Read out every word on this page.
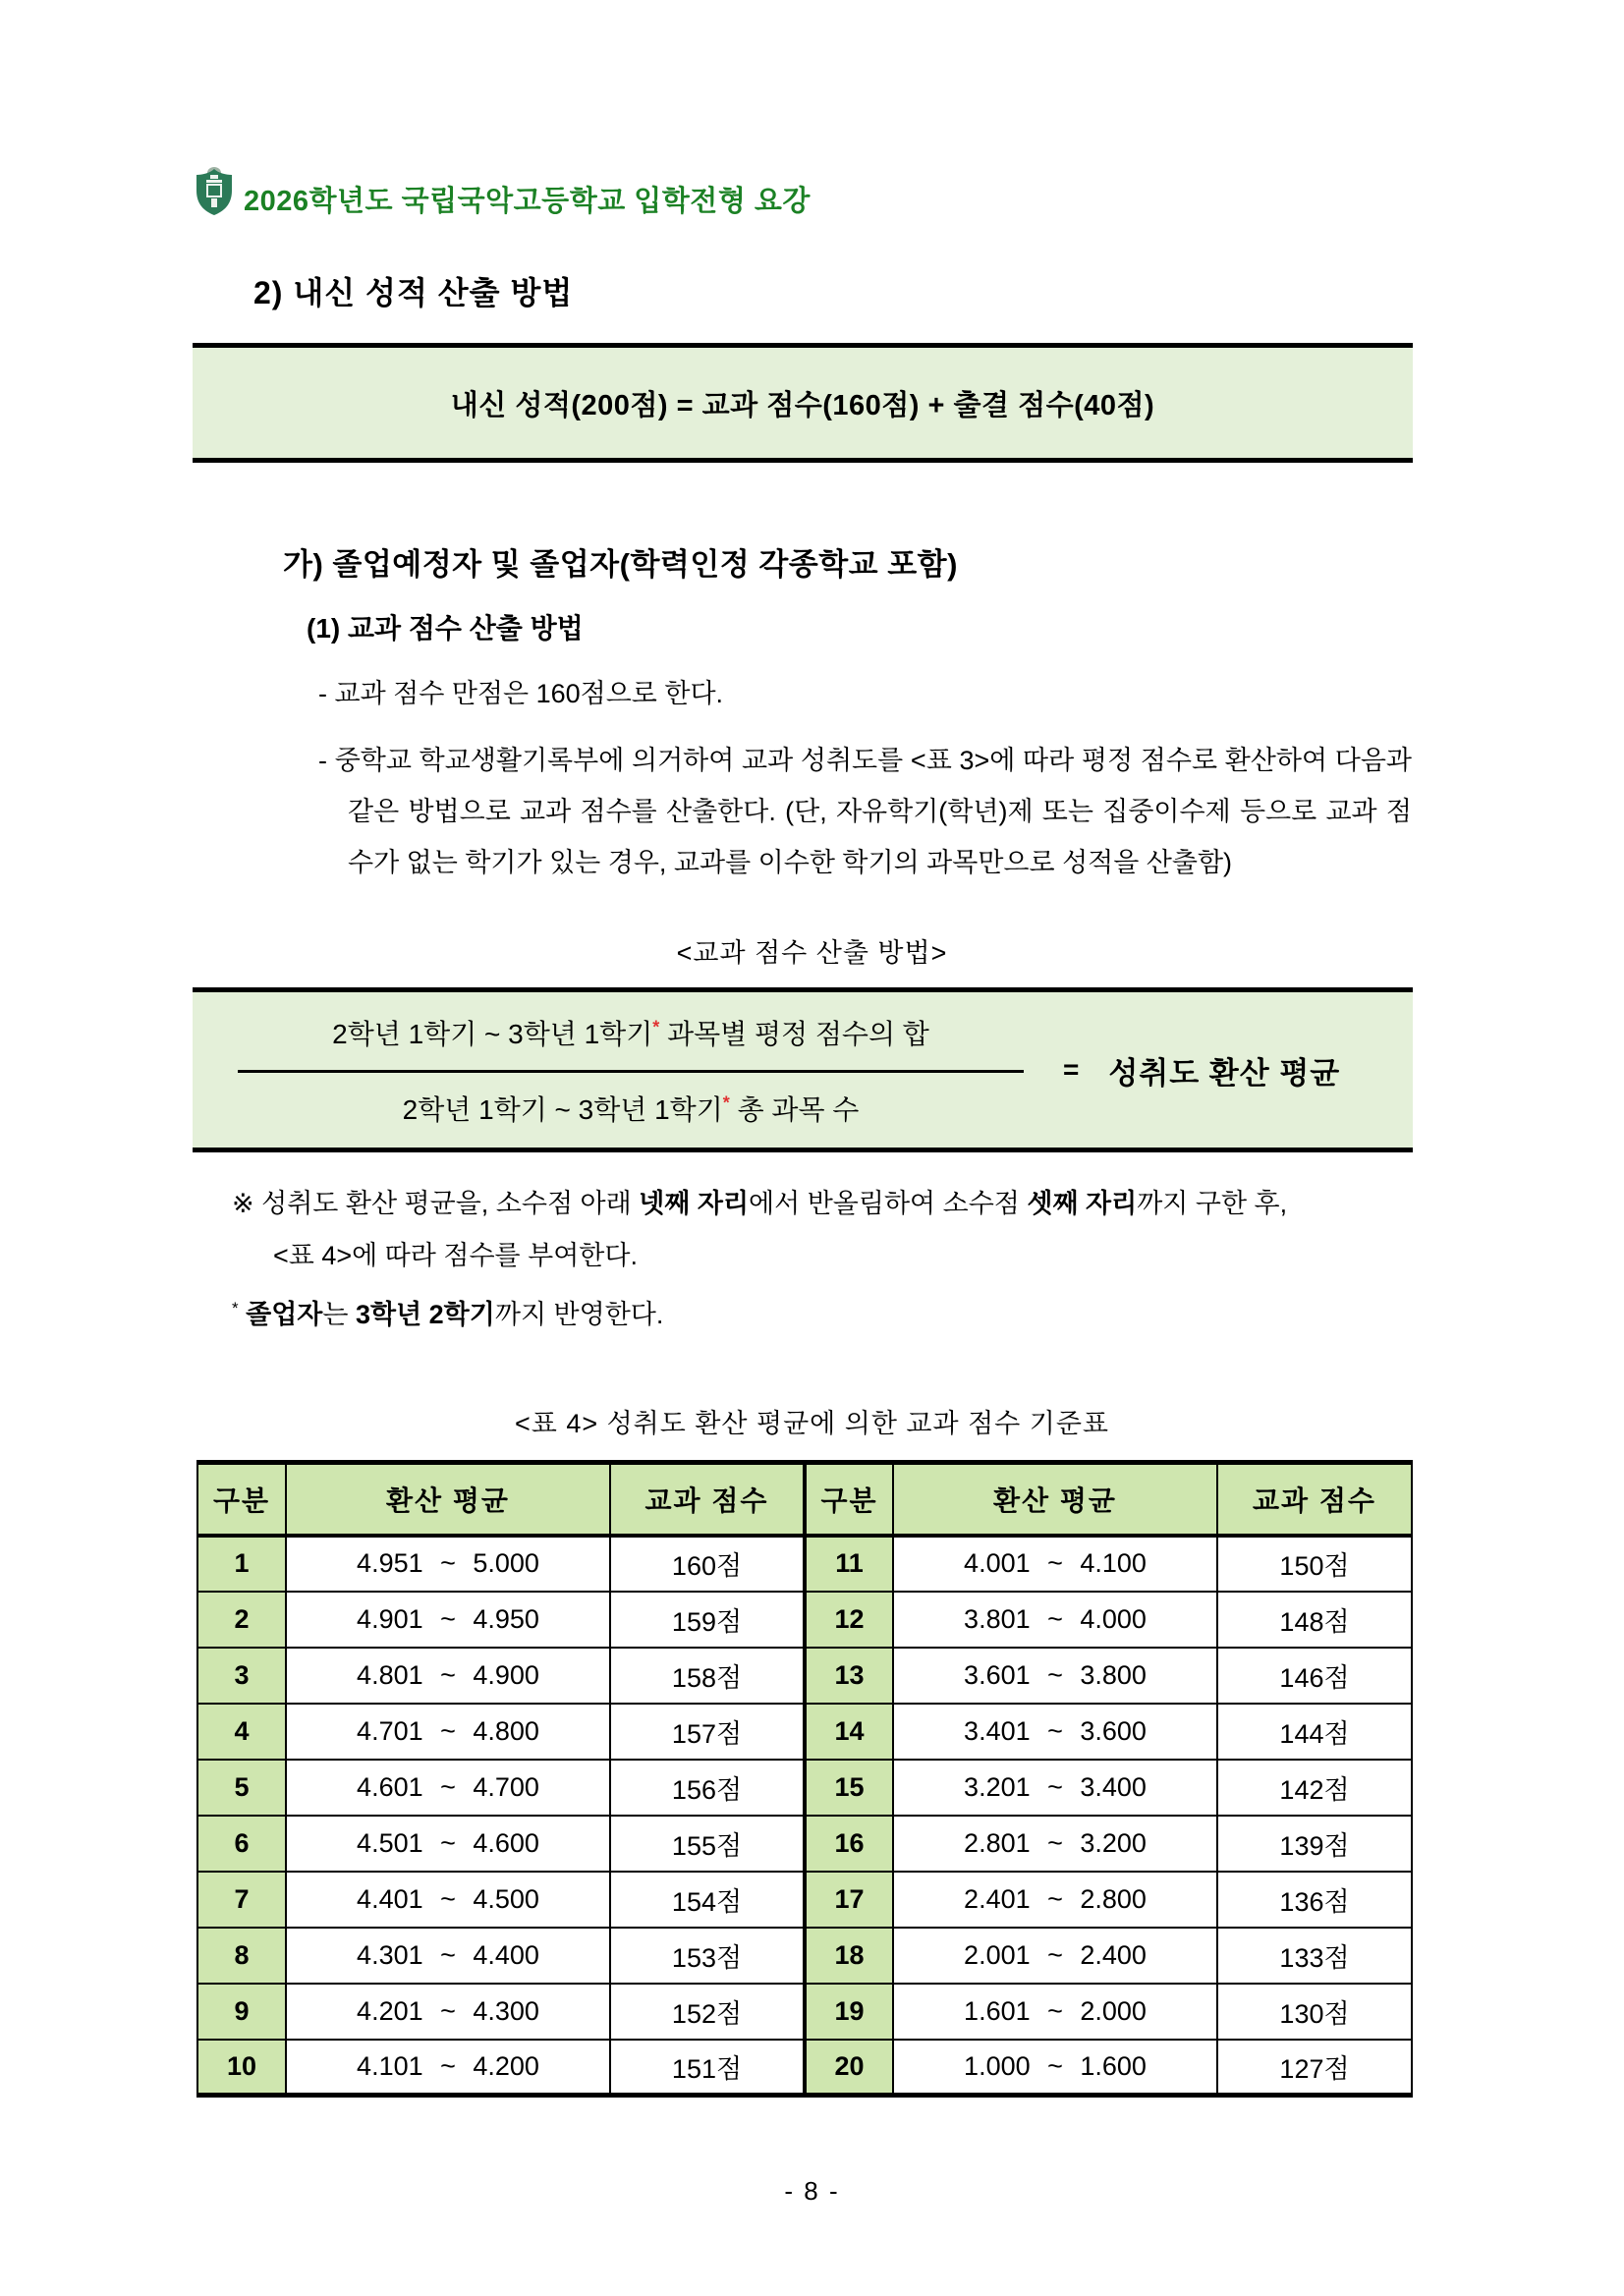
2026학년도 국립국악고등학교 입학전형 요강
2) 내신 성적 산출 방법
내신 성적(200점) = 교과 점수(160점) + 출결 점수(40점)
가) 졸업예정자 및 졸업자(학력인정 각종학교 포함)
(1) 교과 점수 산출 방법
- 교과 점수 만점은 160점으로 한다.
- 중학교 학교생활기록부에 의거하여 교과 성취도를 <표 3>에 따라 평정 점수로 환산하여 다음과 같은 방법으로 교과 점수를 산출한다. (단, 자유학기(학년)제 또는 집중이수제 등으로 교과 점수가 없는 학기가 있는 경우, 교과를 이수한 학기의 과목만으로 성적을 산출함)
<교과 점수 산출 방법>
$\frac{2학년 1학기 \sim 3학년 1학기^* 과목별 평정 점수의 합}{2학년 1학기 \sim 3학년 1학기^* 총 과목 수}$ = 성취도 환산 평균
※ 성취도 환산 평균을, 소수점 아래 넷째 자리에서 반올림하여 소수점 셋째 자리까지 구한 후,
<표 4>에 따라 점수를 부여한다.
* 졸업자는 3학년 2학기까지 반영한다.
<표 4> 성취도 환산 평균에 의한 교과 점수 기준표
구분	환산 평균	교과 점수	구분	환산 평균	교과 점수
1	4.951 ~ 5.000	160점	11	4.001 ~ 4.100	150점
2	4.901 ~ 4.950	159점	12	3.801 ~ 4.000	148점
3	4.801 ~ 4.900	158점	13	3.601 ~ 3.800	146점
4	4.701 ~ 4.800	157점	14	3.401 ~ 3.600	144점
5	4.601 ~ 4.700	156점	15	3.201 ~ 3.400	142점
6	4.501 ~ 4.600	155점	16	2.801 ~ 3.200	139점
7	4.401 ~ 4.500	154점	17	2.401 ~ 2.800	136점
8	4.301 ~ 4.400	153점	18	2.001 ~ 2.400	133점
9	4.201 ~ 4.300	152점	19	1.601 ~ 2.000	130점
10	4.101 ~ 4.200	151점	20	1.000 ~ 1.600	127점
- 8 -
